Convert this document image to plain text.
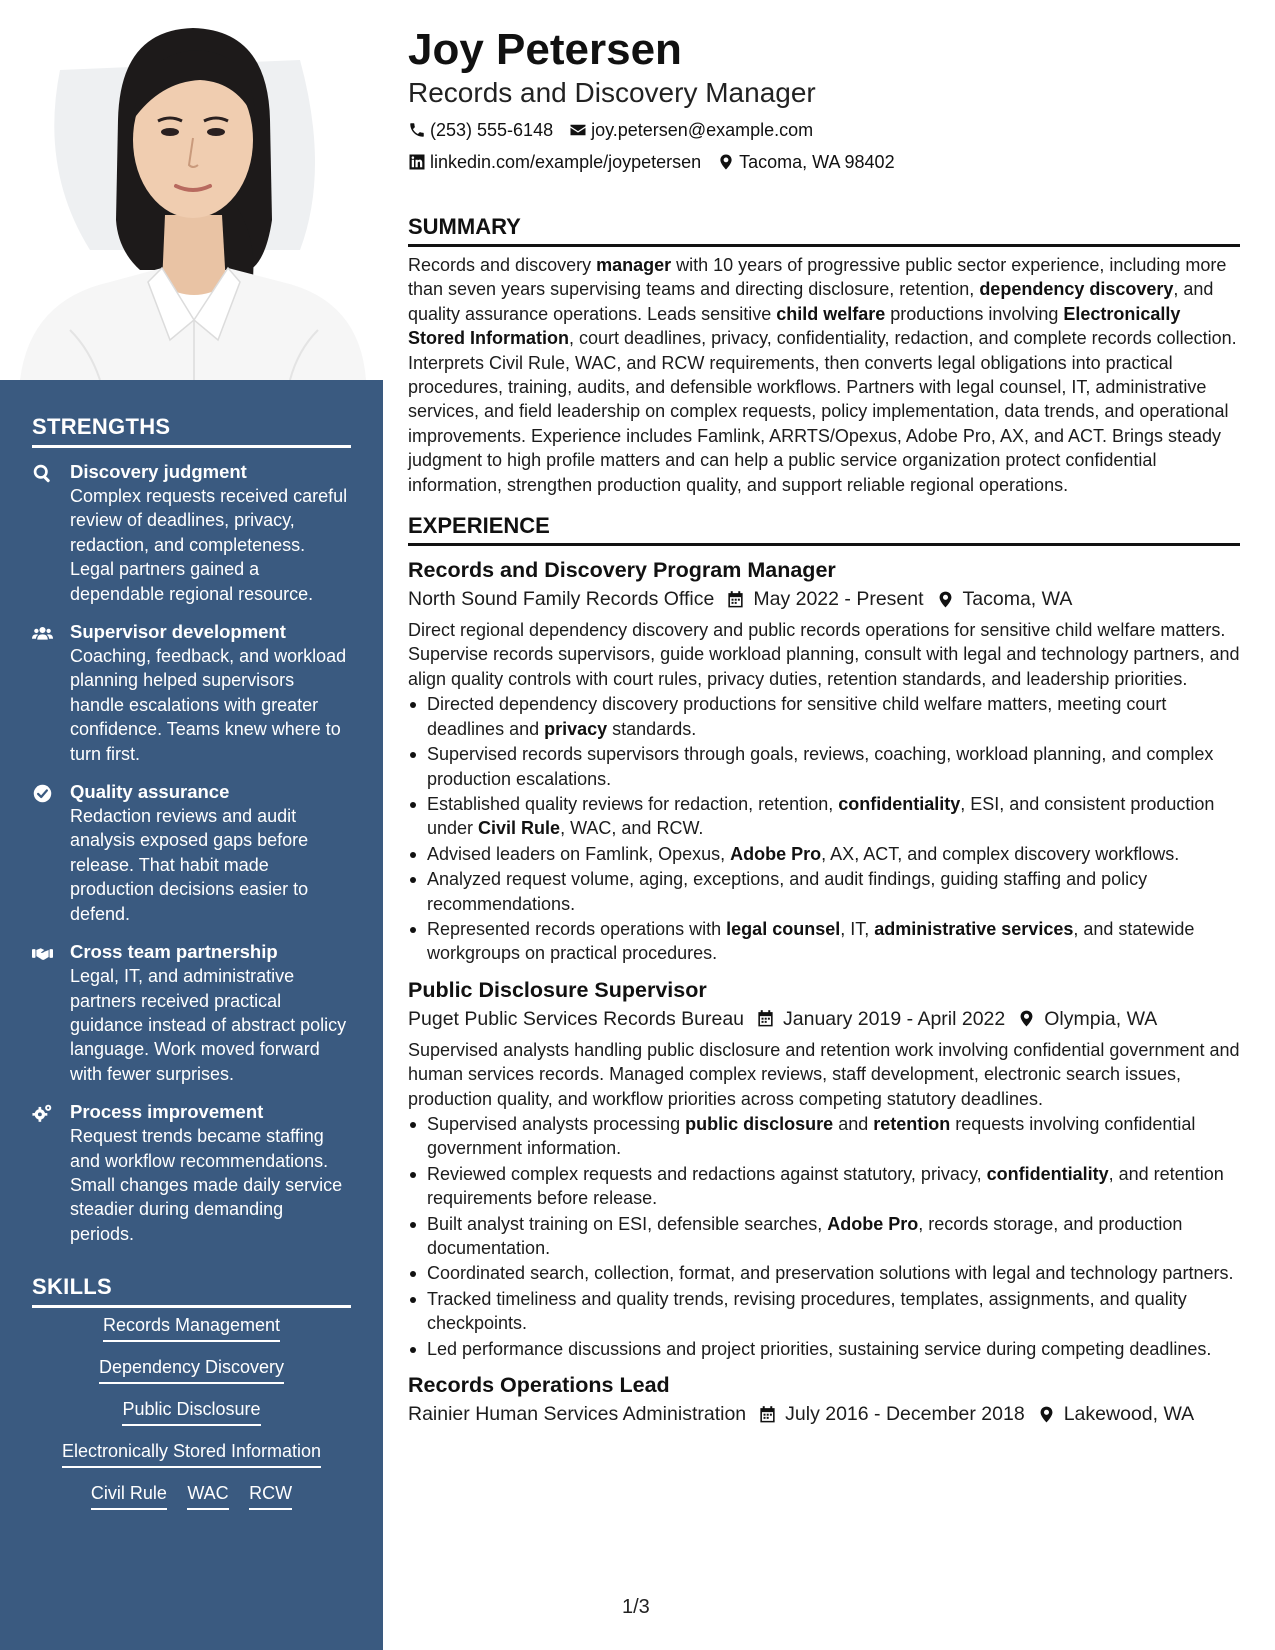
STRENGTHS
Discovery judgment
Complex requests received careful review of deadlines, privacy, redaction, and completeness. Legal partners gained a dependable regional resource.
Supervisor development
Coaching, feedback, and workload planning helped supervisors handle escalations with greater confidence. Teams knew where to turn first.
Quality assurance
Redaction reviews and audit analysis exposed gaps before release. That habit made production decisions easier to defend.
Cross team partnership
Legal, IT, and administrative partners received practical guidance instead of abstract policy language. Work moved forward with fewer surprises.
Process improvement
Request trends became staffing and workflow recommendations. Small changes made daily service steadier during demanding periods.
SKILLS
Records Management
Dependency Discovery
Public Disclosure
Electronically Stored Information
Civil Rule WAC RCW
Joy Petersen
Records and Discovery Manager
(253) 555-6148 joy.petersen@example.com
linkedin.com/example/joypetersen Tacoma, WA 98402
SUMMARY

Records and discovery manager with 10 years of progressive public sector experience, including more than seven years supervising teams and directing disclosure, retention, dependency discovery, and quality assurance operations. Leads sensitive child welfare productions involving Electronically Stored Information, court deadlines, privacy, confidentiality, redaction, and complete records collection. Interprets Civil Rule, WAC, and RCW requirements, then converts legal obligations into practical procedures, training, audits, and defensible workflows. Partners with legal counsel, IT, administrative services, and field leadership on complex requests, policy implementation, data trends, and operational improvements. Experience includes Famlink, ARRTS/Opexus, Adobe Pro, AX, and ACT. Brings steady judgment to high profile matters and can help a public service organization protect confidential information, strengthen production quality, and support reliable regional operations.

EXPERIENCE
Records and Discovery Program Manager
North Sound Family Records Office May 2022 - Present Tacoma, WA

Direct regional dependency discovery and public records operations for sensitive child welfare matters. Supervise records supervisors, guide workload planning, consult with legal and technology partners, and align quality controls with court rules, privacy duties, retention standards, and leadership priorities.

Directed dependency discovery productions for sensitive child welfare matters, meeting court deadlines and privacy standards.
Supervised records supervisors through goals, reviews, coaching, workload planning, and complex production escalations.
Established quality reviews for redaction, retention, confidentiality, ESI, and consistent production under Civil Rule, WAC, and RCW.
Advised leaders on Famlink, Opexus, Adobe Pro, AX, ACT, and complex discovery workflows.
Analyzed request volume, aging, exceptions, and audit findings, guiding staffing and policy recommendations.
Represented records operations with legal counsel, IT, administrative services, and statewide workgroups on practical procedures.
Public Disclosure Supervisor
Puget Public Services Records Bureau January 2019 - April 2022 Olympia, WA

Supervised analysts handling public disclosure and retention work involving confidential government and human services records. Managed complex reviews, staff development, electronic search issues, production quality, and workflow priorities across competing statutory deadlines.

Supervised analysts processing public disclosure and retention requests involving confidential government information.
Reviewed complex requests and redactions against statutory, privacy, confidentiality, and retention requirements before release.
Built analyst training on ESI, defensible searches, Adobe Pro, records storage, and production documentation.
Coordinated search, collection, format, and preservation solutions with legal and technology partners.
Tracked timeliness and quality trends, revising procedures, templates, assignments, and quality checkpoints.
Led performance discussions and project priorities, sustaining service during competing deadlines.
Records Operations Lead
Rainier Human Services Administration July 2016 - December 2018 Lakewood, WA
1/3
